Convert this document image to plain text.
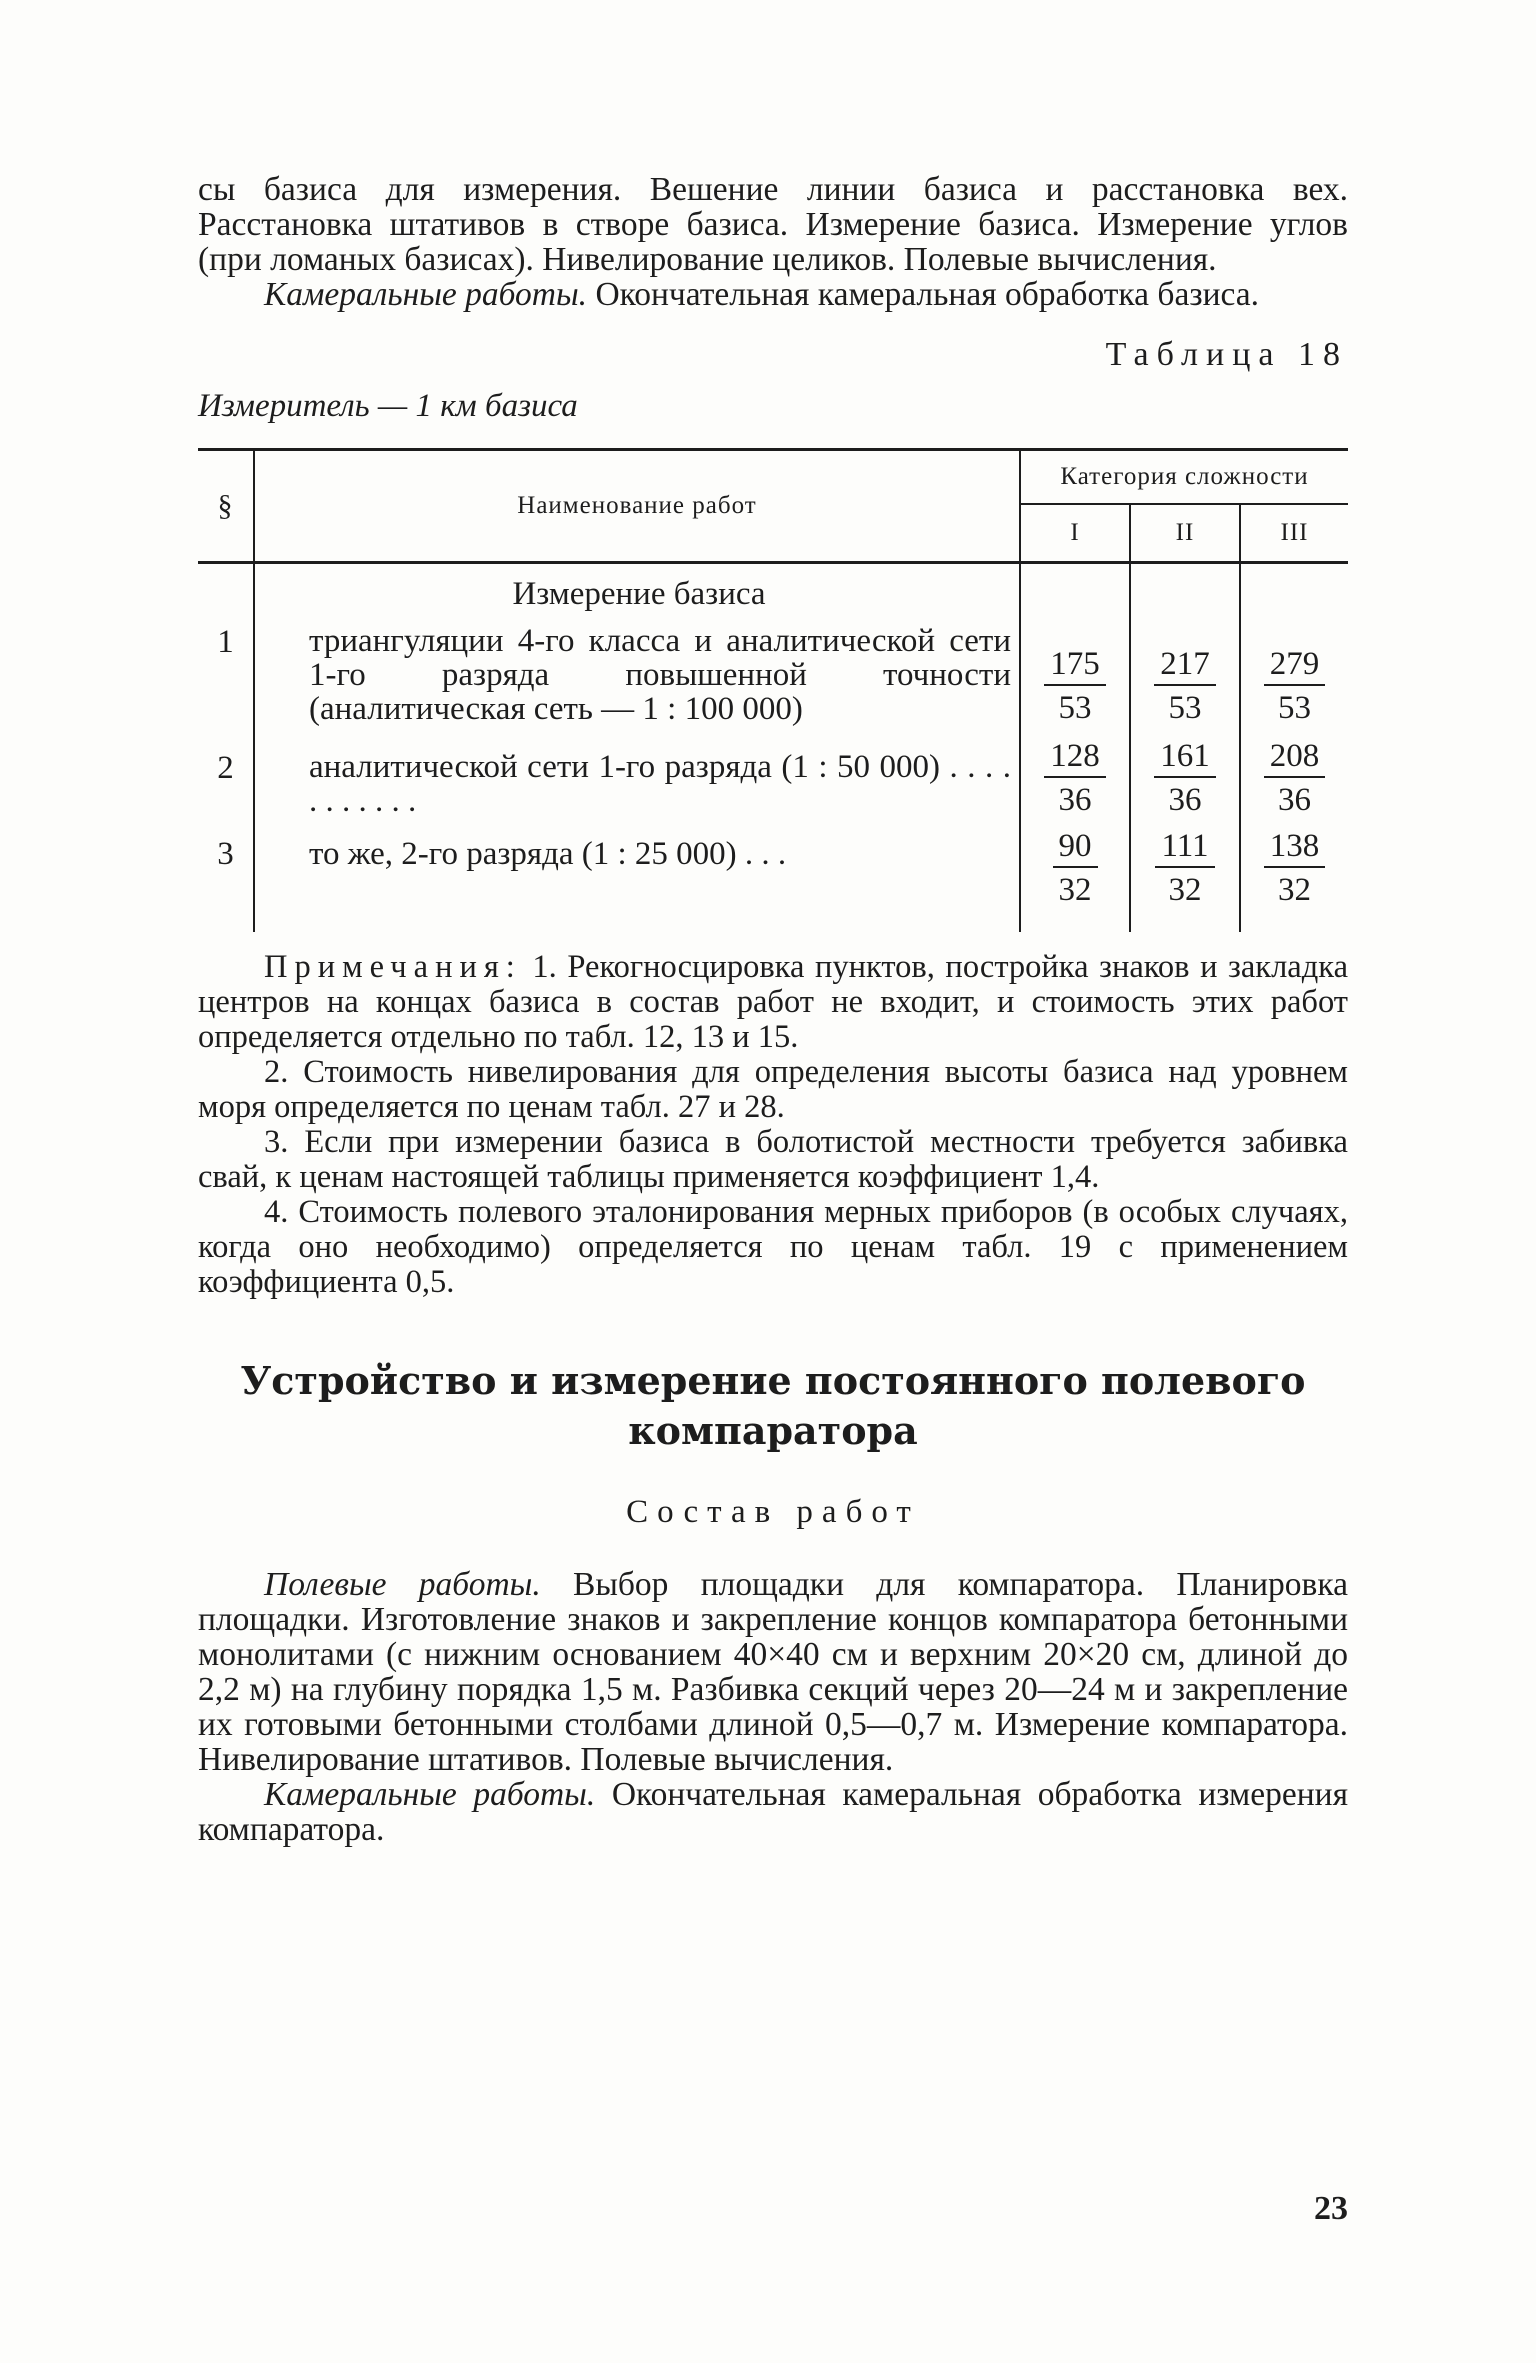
сы базиса для измерения. Вешение линии базиса и расстановка вех. Расстановка штативов в створе базиса. Измерение базиса. Измерение углов (при ломаных базисах). Нивелирование целиков. Полевые вычисления.

Камеральные работы. Окончательная камеральная обработка базиса.

Таблица 18
Измеритель — 1 км базиса
§	Наименование работ	Категория сложности		
		I	II	III
	Измерение базиса			
1	триангуляции 4-го класса и аналитической сети 1-го разряда повышенной точности (аналитическая сеть — 1 : 100 000)	$\frac{175}{53}$	$\frac{217}{53}$	$\frac{279}{53}$

2	аналитической сети 1-го разряда (1 : 50 000) . . . . . . . . . . .	$\frac{128}{36}$	$\frac{161}{36}$	$\frac{208}{36}$

3	то же, 2-го разряда (1 : 25 000) . . .	$\frac{90}{32}$	$\frac{111}{32}$	$\frac{138}{32}$

Примечания: 1. Рекогносцировка пунктов, постройка знаков и закладка центров на концах базиса в состав работ не входит, и стоимость этих работ определяется отдельно по табл. 12, 13 и 15.

2. Стоимость нивелирования для определения высоты базиса над уровнем моря определяется по ценам табл. 27 и 28.

3. Если при измерении базиса в болотистой местности требуется забивка свай, к ценам настоящей таблицы применяется коэффициент 1,4.

4. Стоимость полевого эталонирования мерных приборов (в особых случаях, когда оно необходимо) определяется по ценам табл. 19 с применением коэффициента 0,5.

Устройство и измерение постоянного полевого компаратора
Состав работ

Полевые работы. Выбор площадки для компаратора. Планировка площадки. Изготовление знаков и закрепление концов компаратора бетонными монолитами (с нижним основанием 40×40 см и верхним 20×20 см, длиной до 2,2 м) на глубину порядка 1,5 м. Разбивка секций через 20—24 м и закрепление их готовыми бетонными столбами длиной 0,5—0,7 м. Измерение компаратора. Нивелирование штативов. Полевые вычисления.

Камеральные работы. Окончательная камеральная обработка измерения компаратора.

23
